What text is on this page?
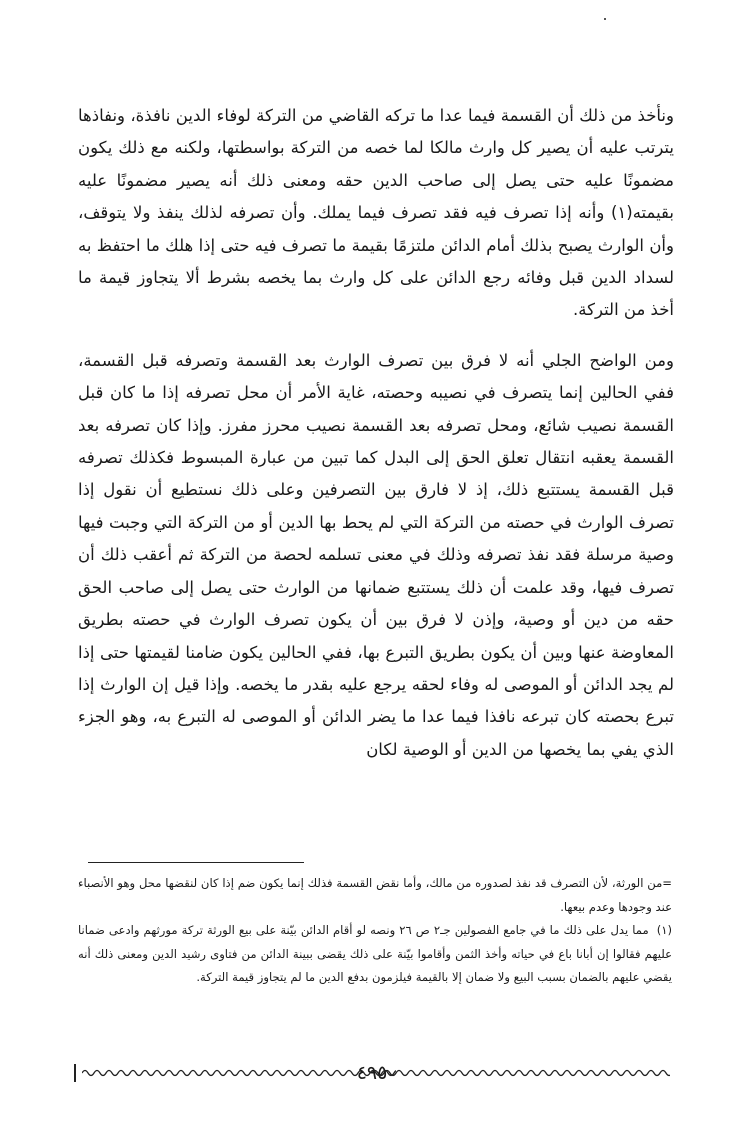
ونأخذ من ذلك أن القسمة فيما عدا ما تركه القاضي من التركة لوفاء الدين نافذة، ونفاذها يترتب عليه أن يصير كل وارث مالكا لما خصه من التركة بواسطتها، ولكنه مع ذلك يكون مضمونًا عليه حتى يصل إلى صاحب الدين حقه ومعنى ذلك أنه يصير مضمونًا عليه بقيمته(١) وأنه إذا تصرف فيه فقد تصرف فيما يملك. وأن تصرفه لذلك ينفذ ولا يتوقف، وأن الوارث يصبح بذلك أمام الدائن ملتزمًا بقيمة ما تصرف فيه حتى إذا هلك ما احتفظ به لسداد الدين قبل وفائه رجع الدائن على كل وارث بما يخصه بشرط ألا يتجاوز قيمة ما أخذ من التركة.

ومن الواضح الجلي أنه لا فرق بين تصرف الوارث بعد القسمة وتصرفه قبل القسمة، ففي الحالين إنما يتصرف في نصيبه وحصته، غاية الأمر أن محل تصرفه إذا ما كان قبل القسمة نصيب شائع، ومحل تصرفه بعد القسمة نصيب محرز مفرز. وإذا كان تصرفه بعد القسمة يعقبه انتقال تعلق الحق إلى البدل كما تبين من عبارة المبسوط فكذلك تصرفه قبل القسمة يستتبع ذلك، إذ لا فارق بين التصرفين وعلى ذلك نستطيع أن نقول إذا تصرف الوارث في حصته من التركة التي لم يحط بها الدين أو من التركة التي وجبت فيها وصية مرسلة فقد نفذ تصرفه وذلك في معنى تسلمه لحصة من التركة ثم أعقب ذلك أن تصرف فيها، وقد علمت أن ذلك يستتبع ضمانها من الوارث حتى يصل إلى صاحب الحق حقه من دين أو وصية، وإذن لا فرق بين أن يكون تصرف الوارث في حصته بطريق المعاوضة عنها وبين أن يكون بطريق التبرع بها، ففي الحالين يكون ضامنا لقيمتها حتى إذا لم يجد الدائن أو الموصى له وفاء لحقه يرجع عليه بقدر ما يخصه. وإذا قيل إن الوارث إذا تبرع بحصته كان تبرعه نافذا فيما عدا ما يضر الدائن أو الموصى له التبرع به، وهو الجزء الذي يفي بما يخصها من الدين أو الوصية لكان

=من الورثة، لأن التصرف قد نفذ لصدوره من مالك، وأما نقض القسمة فذلك إنما يكون ضم إذا كان لنقضها محل وهو الأنصباء عند وجودها وعدم بيعها.

(١)مما يدل على ذلك ما في جامع الفصولين جـ٢ ص ٢٦ ونصه لو أقام الدائن بيّنة على بيع الورثة تركة مورثهم وادعى ضمانا عليهم فقالوا إن أبانا باع في حياته وأخذ الثمن وأقاموا بيّنة على ذلك يقضى ببينة الدائن من فتاوى رشيد الدين ومعنى ذلك أنه يقضي عليهم بالضمان بسبب البيع ولا ضمان إلا بالقيمة فيلزمون بدفع الدين ما لم يتجاوز قيمة التركة.

٤٩٥
